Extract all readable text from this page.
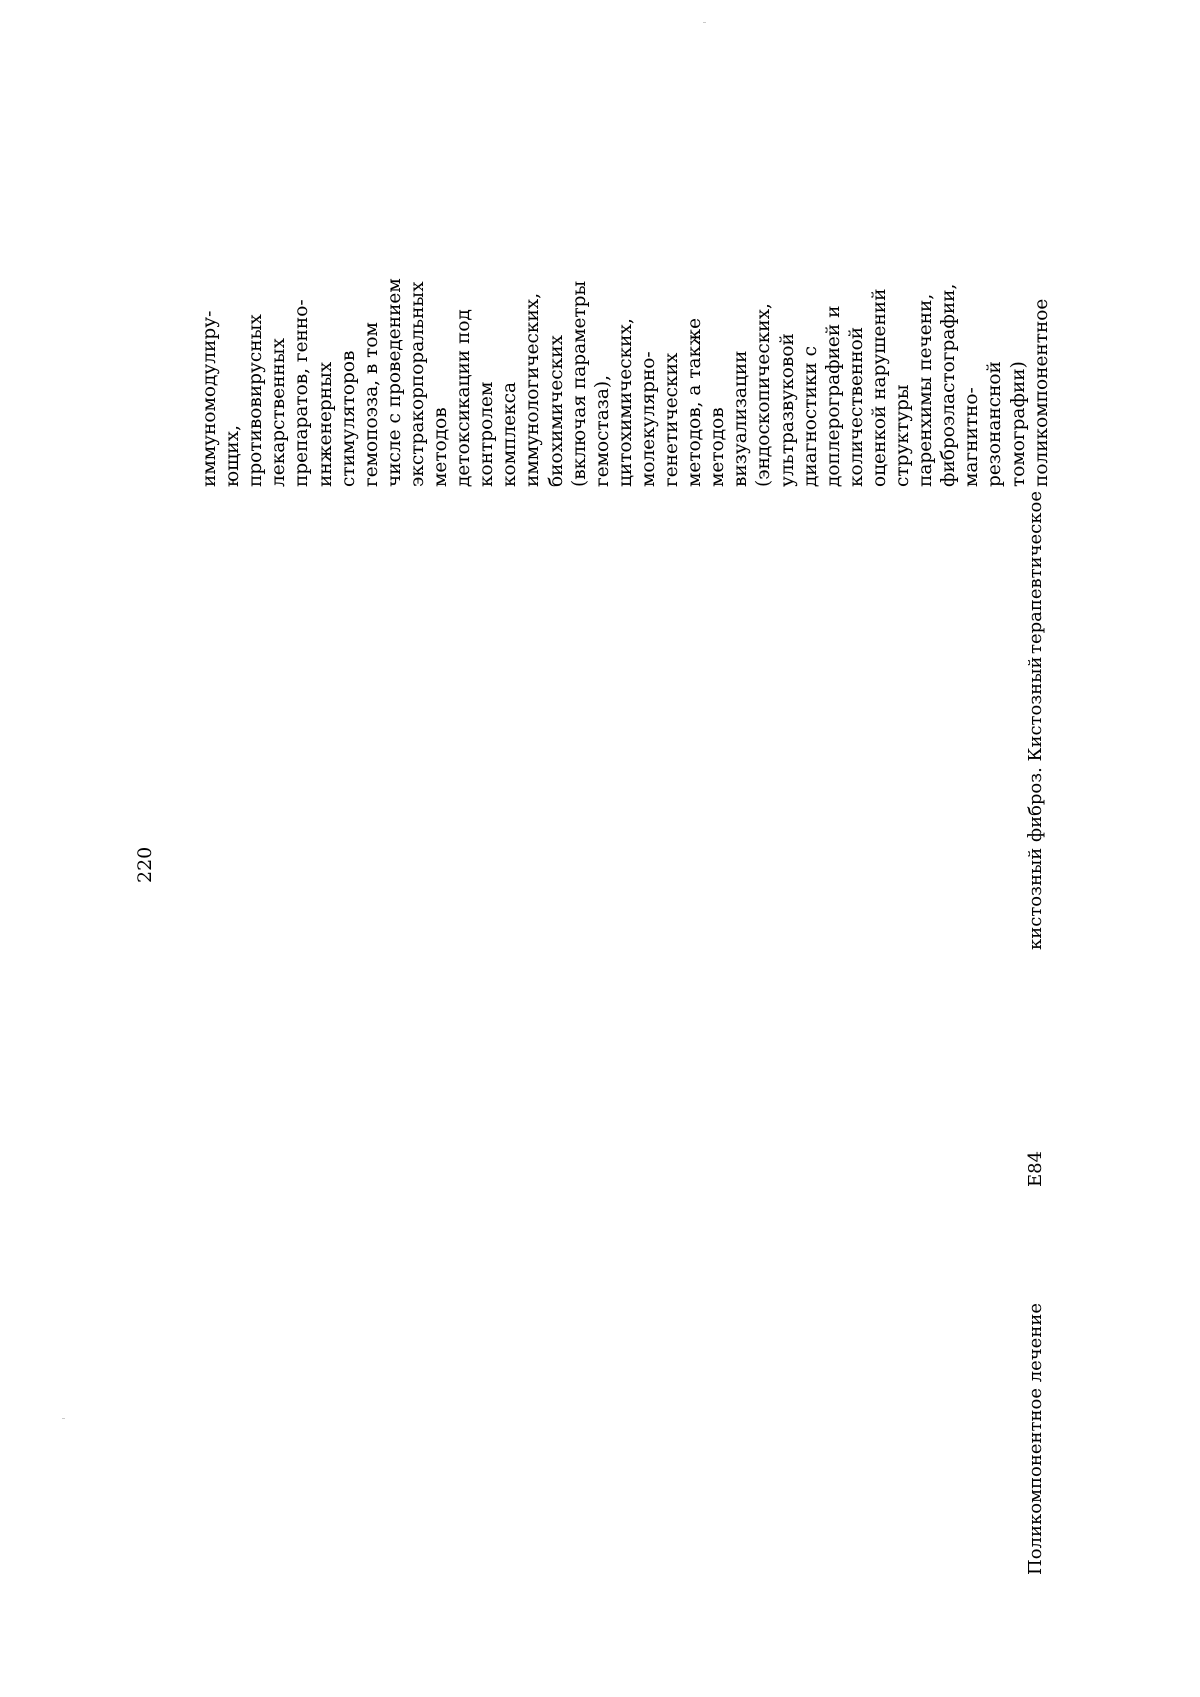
220
Поликомпонентное лечение
E84
кистозный фиброз. Кистозный
терапевтическое
иммуномодулиру- ющих, противовирусных лекарственных препаратов, генно- инженерных стимуляторов гемопоэза, в том числе с проведением экстракорпоральных методов детоксикации под контролем комплекса иммунологических, биохимических (включая параметры гемостаза), цитохимических, молекулярно- генетических методов, а также методов визуализации (эндоскопических, ультразвуковой диагностики с доплерографией и количественной оценкой нарушений структуры паренхимы печени, фиброэластографии, магнитно- резонансной томографии) поликомпонентное
